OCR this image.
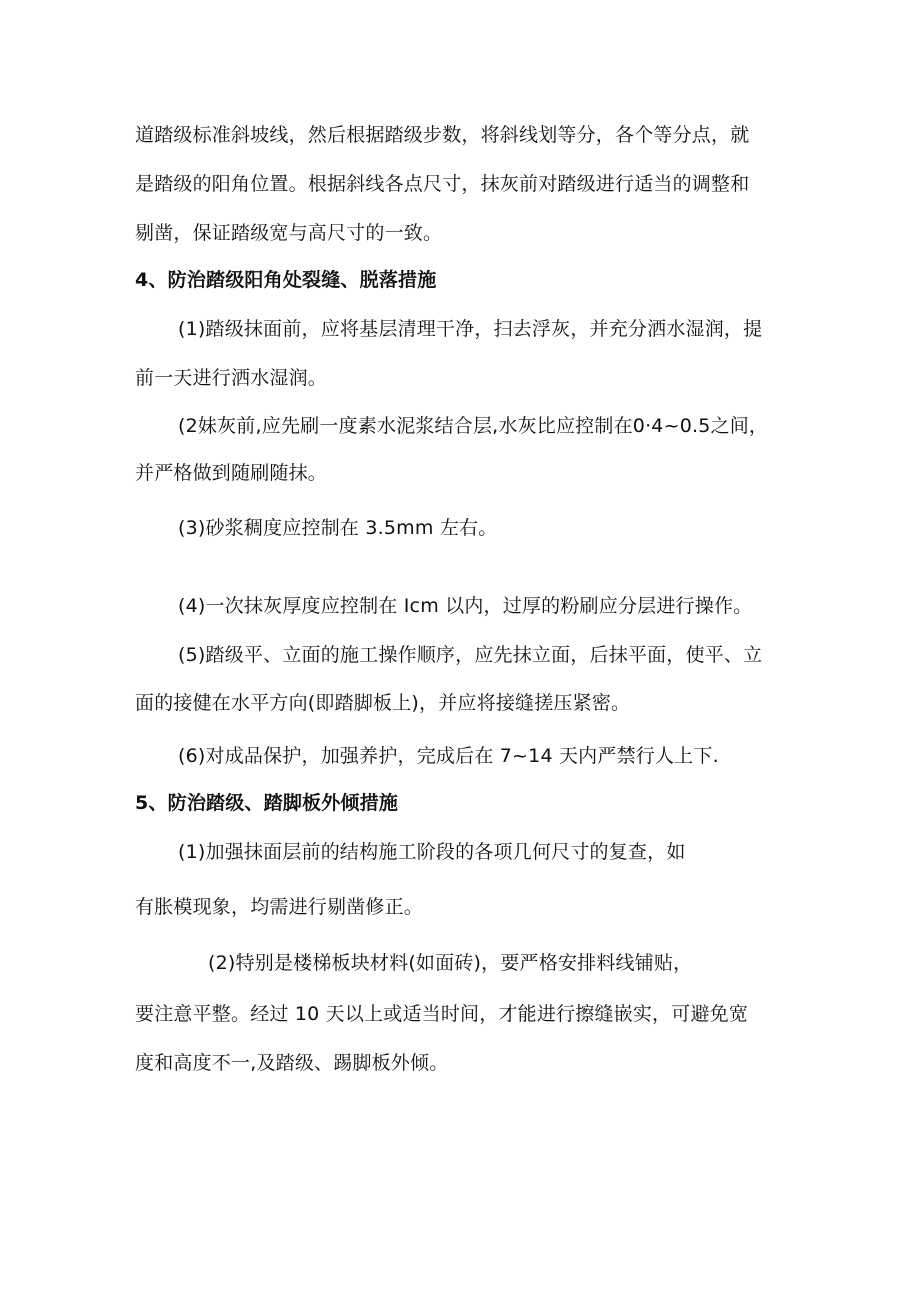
道踏级标准斜坡线，然后根据踏级步数，将斜线划等分，各个等分点，就
是踏级的阳角位置。根据斜线各点尺寸，抹灰前对踏级进行适当的调整和
剔凿，保证踏级宽与高尺寸的一致。
4、防治踏级阳角处裂缝、脱落措施
(1)踏级抹面前，应将基层清理干净，扫去浮灰，并充分洒水湿润，提
前一天进行洒水湿润。
(2妹灰前,应先刷一度素水泥浆结合层,水灰比应控制在0·4~0.5之间，
并严格做到随刷随抹。
(3)砂浆稠度应控制在 3.5mm 左右。
(4)一次抹灰厚度应控制在 Icm 以内，过厚的粉刷应分层进行操作。
(5)踏级平、立面的施工操作顺序，应先抹立面，后抹平面，使平、立
面的接健在水平方向(即踏脚板上)，并应将接缝搓压紧密。
(6)对成品保护，加强养护，完成后在 7~14 天内严禁行人上下.
5、防治踏级、踏脚板外倾措施
(1)加强抹面层前的结构施工阶段的各项几何尺寸的复查，如
有胀模现象，均需进行剔凿修正。
(2)特别是楼梯板块材料(如面砖)，要严格安排料线铺贴，
要注意平整。经过 10 天以上或适当时间，才能进行擦缝嵌实，可避免宽
度和高度不一,及踏级、踢脚板外倾。
